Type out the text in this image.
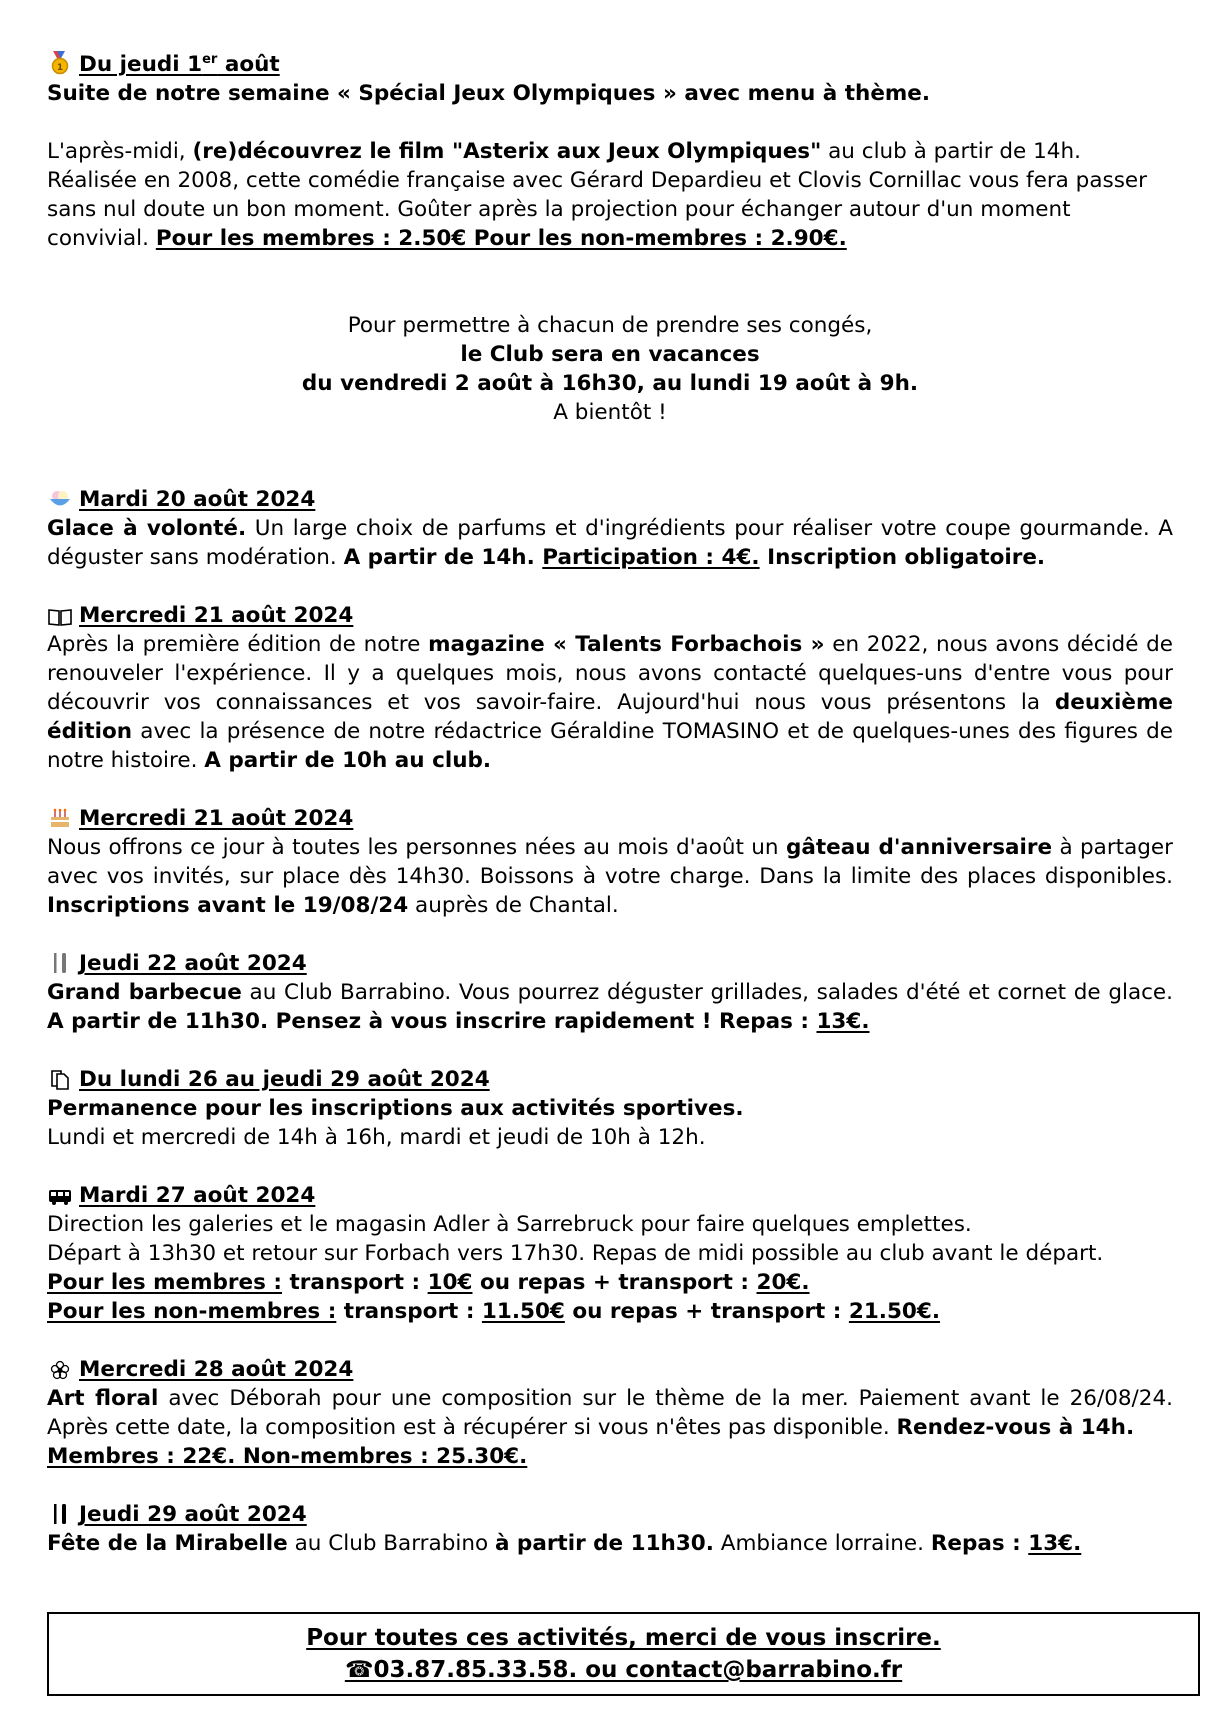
1 Du jeudi 1er août

Suite de notre semaine « Spécial Jeux Olympiques » avec menu à thème.

L'après-midi, (re)découvrez le film "Asterix aux Jeux Olympiques" au club à partir de 14h. Réalisée en 2008, cette comédie française avec Gérard Depardieu et Clovis Cornillac vous fera passer sans nul doute un bon moment. Goûter après la projection pour échanger autour d'un moment convivial. Pour les membres : 2.50€ Pour les non-membres : 2.90€.

Pour permettre à chacun de prendre ses congés,

le Club sera en vacances

du vendredi 2 août à 16h30, au lundi 19 août à 9h.

A bientôt !

Mardi 20 août 2024

Glace à volonté. Un large choix de parfums et d'ingrédients pour réaliser votre coupe gourmande. A déguster sans modération. A partir de 14h. Participation : 4€. Inscription obligatoire.

Mercredi 21 août 2024

Après la première édition de notre magazine « Talents Forbachois » en 2022, nous avons décidé de renouveler l'expérience. Il y a quelques mois, nous avons contacté quelques-uns d'entre vous pour découvrir vos connaissances et vos savoir-faire. Aujourd'hui nous vous présentons la deuxième édition avec la présence de notre rédactrice Géraldine TOMASINO et de quelques-unes des figures de notre histoire. A partir de 10h au club.

Mercredi 21 août 2024

Nous offrons ce jour à toutes les personnes nées au mois d'août un gâteau d'anniversaire à partager avec vos invités, sur place dès 14h30. Boissons à votre charge. Dans la limite des places disponibles. Inscriptions avant le 19/08/24 auprès de Chantal.

Jeudi 22 août 2024

Grand barbecue au Club Barrabino. Vous pourrez déguster grillades, salades d'été et cornet de glace. A partir de 11h30. Pensez à vous inscrire rapidement ! Repas : 13€.

Du lundi 26 au jeudi 29 août 2024

Permanence pour les inscriptions aux activités sportives.

Lundi et mercredi de 14h à 16h, mardi et jeudi de 10h à 12h.

Mardi 27 août 2024

Direction les galeries et le magasin Adler à Sarrebruck pour faire quelques emplettes.

Départ à 13h30 et retour sur Forbach vers 17h30. Repas de midi possible au club avant le départ.

Pour les membres : transport : 10€ ou repas + transport : 20€.

Pour les non-membres : transport : 11.50€ ou repas + transport : 21.50€.

Mercredi 28 août 2024

Art floral avec Déborah pour une composition sur le thème de la mer. Paiement avant le 26/08/24. Après cette date, la composition est à récupérer si vous n'êtes pas disponible. Rendez-vous à 14h.

Membres : 22€. Non-membres : 25.30€.

Jeudi 29 août 2024

Fête de la Mirabelle au Club Barrabino à partir de 11h30. Ambiance lorraine. Repas : 13€.

Pour toutes ces activités, merci de vous inscrire.

☎03.87.85.33.58. ou contact@barrabino.fr
